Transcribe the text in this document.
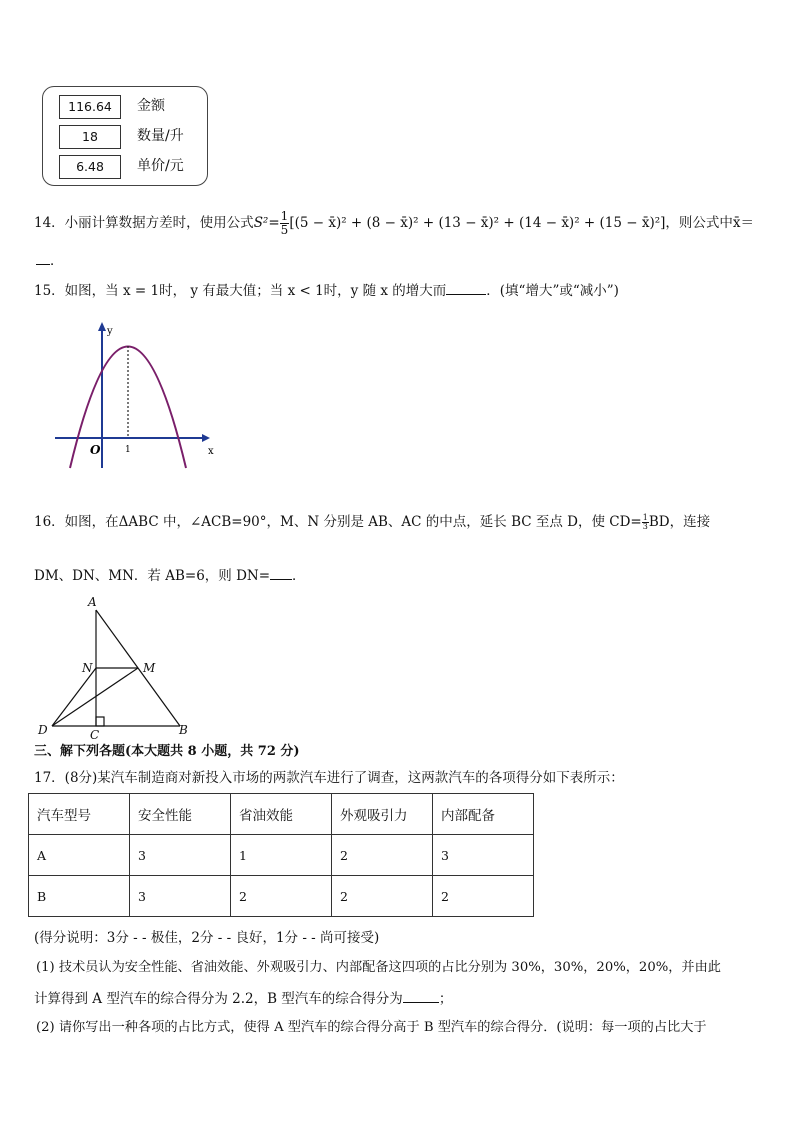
116.64	金额
18	数量/升
6.48	单价/元
14．小丽计算数据方差时，使用公式$S^2= \frac{1}{5} [(5$ − x̄)² + (8 − x̄)² + (13 − x̄)² + (14 − x̄)² + (15 − x̄)²]，则公式中x̄＝
．
15．如图，当 x = 1时， y 有最大值；当 x < 1时，y 随 x 的增大而	．(填“增大”或“减小”)
y
x
O	1
16．如图，在ΔABC 中，∠ACB=90°，M、N 分别是 AB、AC 的中点，延长 BC 至点 D，使 $CD= \frac{1}{3}$ BD，连接
DM、DN、MN．若 AB=6，则 DN= ．
A
N	M
D	C	B
三、解下列各题(本大题共 8 小题，共 72 分)
17．(8分)某汽车制造商对新投入市场的两款汽车进行了调查，这两款汽车的各项得分如下表所示：
汽车型号	安全性能	省油效能	外观吸引力	内部配备
A	3	1	2	3
B	3	2	2	2
(得分说明：3分 - - 极佳，2分 - - 良好，1分 - - 尚可接受)
(1) 技术员认为安全性能、省油效能、外观吸引力、内部配备这四项的占比分别为 30%，30%，20%，20%，并由此
计算得到 A 型汽车的综合得分为 2.2，B 型汽车的综合得分为	；
(2) 请你写出一种各项的占比方式，使得 A 型汽车的综合得分高于 B 型汽车的综合得分．(说明：每一项的占比大于
